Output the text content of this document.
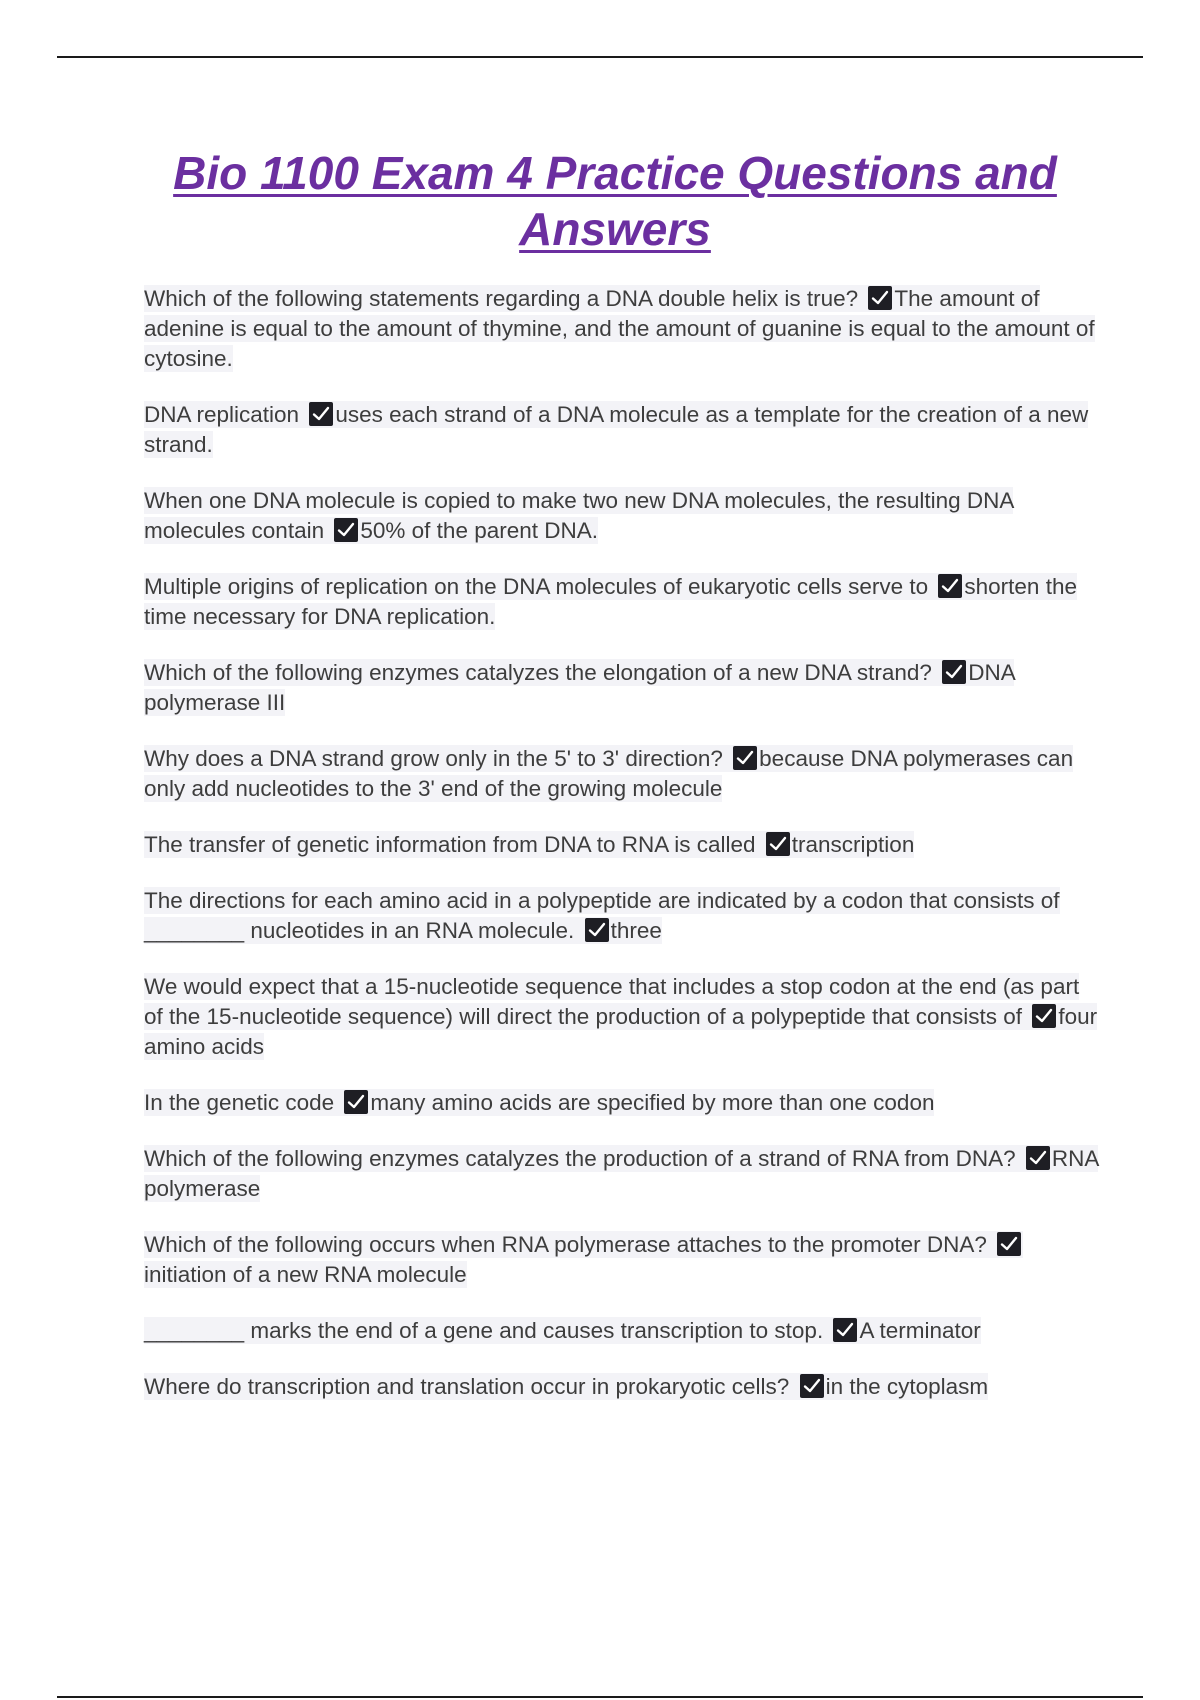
Bio 1100 Exam 4 Practice Questions and Answers
Which of the following statements regarding a DNA double helix is true? The amount of adenine is equal to the amount of thymine, and the amount of guanine is equal to the amount of cytosine.
DNA replication uses each strand of a DNA molecule as a template for the creation of a new strand.
When one DNA molecule is copied to make two new DNA molecules, the resulting DNA molecules contain 50% of the parent DNA.
Multiple origins of replication on the DNA molecules of eukaryotic cells serve to shorten the time necessary for DNA replication.
Which of the following enzymes catalyzes the elongation of a new DNA strand? DNA polymerase III
Why does a DNA strand grow only in the 5' to 3' direction? because DNA polymerases can only add nucleotides to the 3' end of the growing molecule
The transfer of genetic information from DNA to RNA is called transcription
The directions for each amino acid in a polypeptide are indicated by a codon that consists of ________ nucleotides in an RNA molecule. three
We would expect that a 15-nucleotide sequence that includes a stop codon at the end (as part of the 15-nucleotide sequence) will direct the production of a polypeptide that consists of four amino acids
In the genetic code many amino acids are specified by more than one codon
Which of the following enzymes catalyzes the production of a strand of RNA from DNA? RNA polymerase
Which of the following occurs when RNA polymerase attaches to the promoter DNA?
initiation of a new RNA molecule
________ marks the end of a gene and causes transcription to stop. A terminator
Where do transcription and translation occur in prokaryotic cells? in the cytoplasm
